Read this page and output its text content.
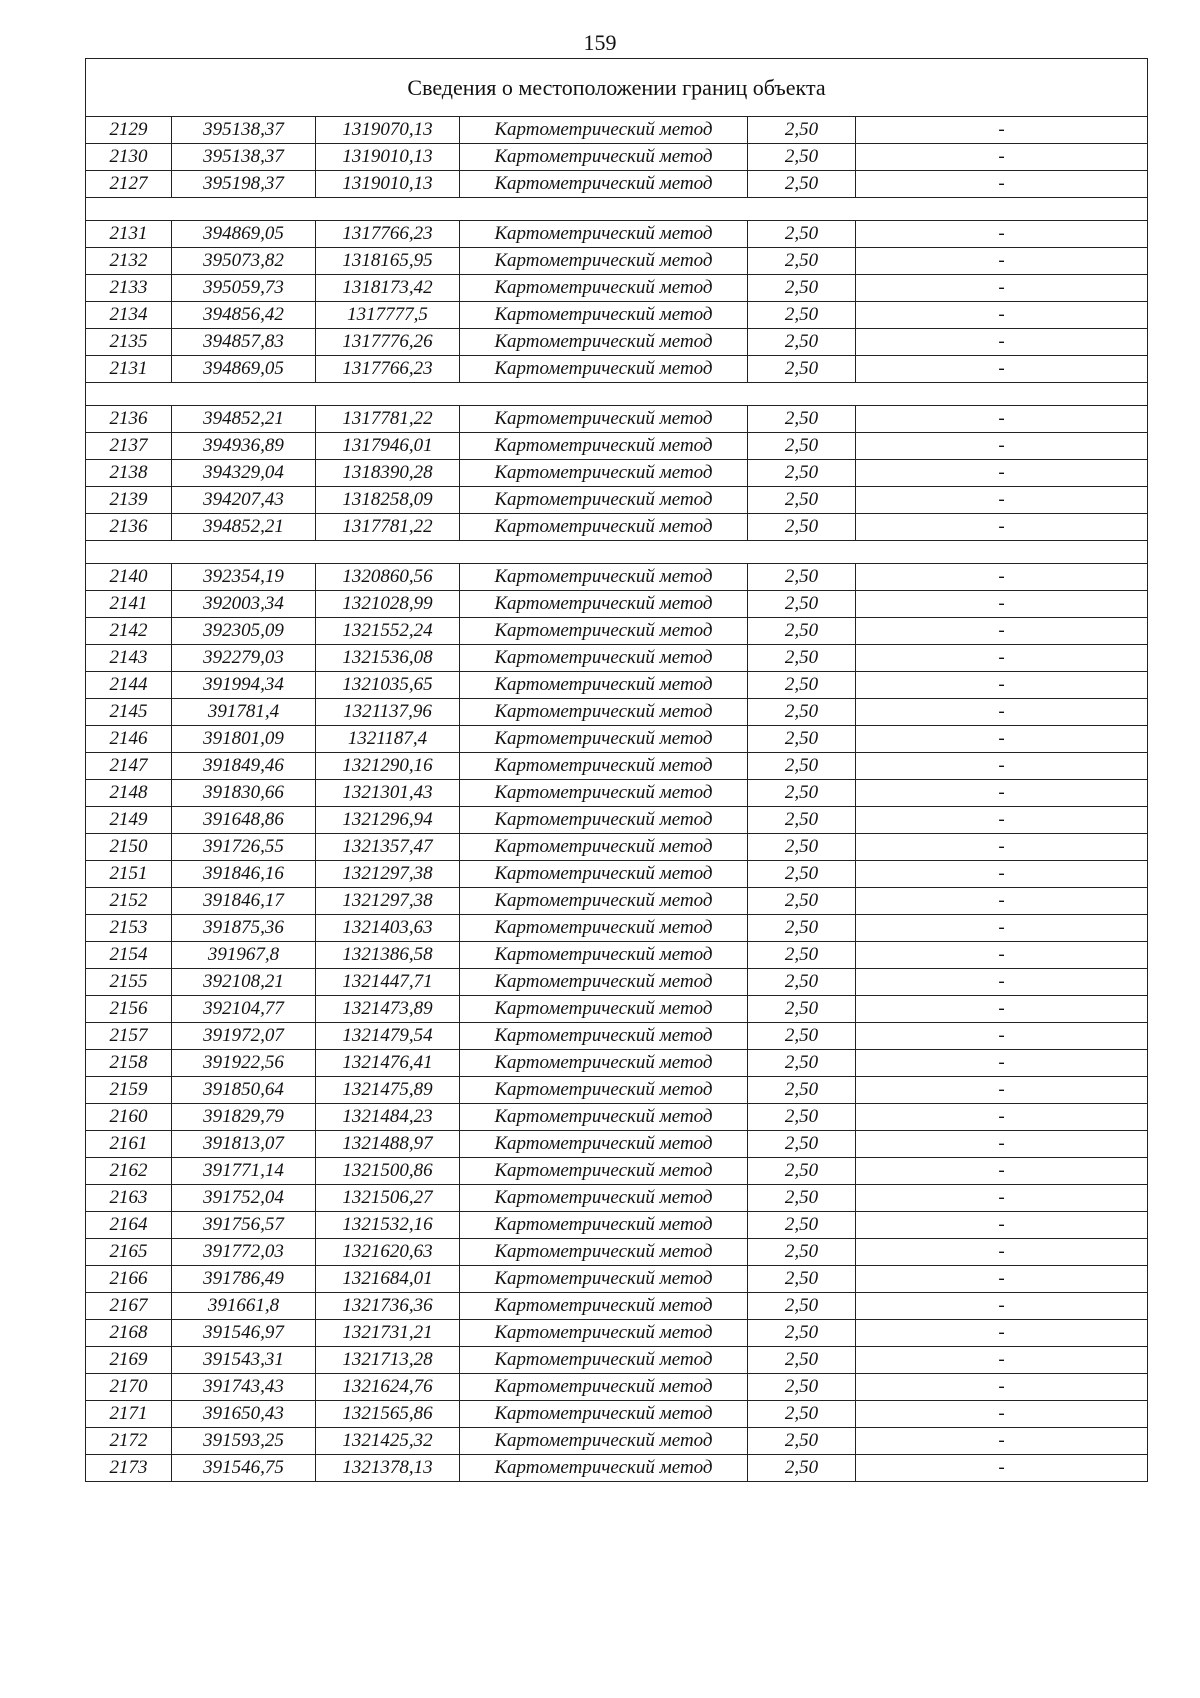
159
Сведения о местоположении границ объекта					
2129	395138,37	1319070,13	Картометрический метод	2,50	-
2130	395138,37	1319010,13	Картометрический метод	2,50	-
2127	395198,37	1319010,13	Картометрический метод	2,50	-

2131	394869,05	1317766,23	Картометрический метод	2,50	-
2132	395073,82	1318165,95	Картометрический метод	2,50	-
2133	395059,73	1318173,42	Картометрический метод	2,50	-
2134	394856,42	1317777,5	Картометрический метод	2,50	-
2135	394857,83	1317776,26	Картометрический метод	2,50	-
2131	394869,05	1317766,23	Картометрический метод	2,50	-

2136	394852,21	1317781,22	Картометрический метод	2,50	-
2137	394936,89	1317946,01	Картометрический метод	2,50	-
2138	394329,04	1318390,28	Картометрический метод	2,50	-
2139	394207,43	1318258,09	Картометрический метод	2,50	-
2136	394852,21	1317781,22	Картометрический метод	2,50	-

2140	392354,19	1320860,56	Картометрический метод	2,50	-
2141	392003,34	1321028,99	Картометрический метод	2,50	-
2142	392305,09	1321552,24	Картометрический метод	2,50	-
2143	392279,03	1321536,08	Картометрический метод	2,50	-
2144	391994,34	1321035,65	Картометрический метод	2,50	-
2145	391781,4	1321137,96	Картометрический метод	2,50	-
2146	391801,09	1321187,4	Картометрический метод	2,50	-
2147	391849,46	1321290,16	Картометрический метод	2,50	-
2148	391830,66	1321301,43	Картометрический метод	2,50	-
2149	391648,86	1321296,94	Картометрический метод	2,50	-
2150	391726,55	1321357,47	Картометрический метод	2,50	-
2151	391846,16	1321297,38	Картометрический метод	2,50	-
2152	391846,17	1321297,38	Картометрический метод	2,50	-
2153	391875,36	1321403,63	Картометрический метод	2,50	-
2154	391967,8	1321386,58	Картометрический метод	2,50	-
2155	392108,21	1321447,71	Картометрический метод	2,50	-
2156	392104,77	1321473,89	Картометрический метод	2,50	-
2157	391972,07	1321479,54	Картометрический метод	2,50	-
2158	391922,56	1321476,41	Картометрический метод	2,50	-
2159	391850,64	1321475,89	Картометрический метод	2,50	-
2160	391829,79	1321484,23	Картометрический метод	2,50	-
2161	391813,07	1321488,97	Картометрический метод	2,50	-
2162	391771,14	1321500,86	Картометрический метод	2,50	-
2163	391752,04	1321506,27	Картометрический метод	2,50	-
2164	391756,57	1321532,16	Картометрический метод	2,50	-
2165	391772,03	1321620,63	Картометрический метод	2,50	-
2166	391786,49	1321684,01	Картометрический метод	2,50	-
2167	391661,8	1321736,36	Картометрический метод	2,50	-
2168	391546,97	1321731,21	Картометрический метод	2,50	-
2169	391543,31	1321713,28	Картометрический метод	2,50	-
2170	391743,43	1321624,76	Картометрический метод	2,50	-
2171	391650,43	1321565,86	Картометрический метод	2,50	-
2172	391593,25	1321425,32	Картометрический метод	2,50	-
2173	391546,75	1321378,13	Картометрический метод	2,50	-
